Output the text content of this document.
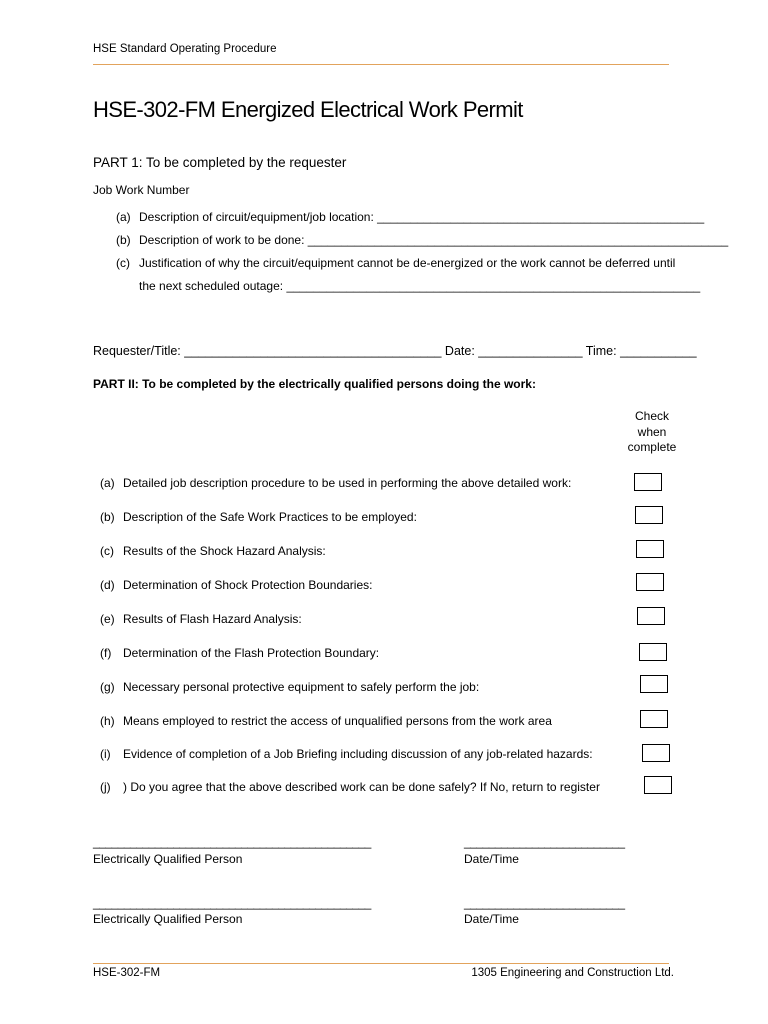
HSE Standard Operating Procedure
HSE-302-FM Energized Electrical Work Permit
PART 1: To be completed by the requester
Job Work Number
(a) Description of circuit/equipment/job location: _________________________________________________
(b) Description of work to be done: _______________________________________________________________
(c) Justification of why the circuit/equipment cannot be de-energized or the work cannot be deferred until
the next scheduled outage: ______________________________________________________________
Requester/Title: _____________________________________ Date: _______________ Time: ___________
PART II: To be completed by the electrically qualified persons doing the work:
Check
when
complete
(a) Detailed job description procedure to be used in performing the above detailed work:
(b) Description of the Safe Work Practices to be employed:
(c) Results of the Shock Hazard Analysis:
(d) Determination of Shock Protection Boundaries:
(e) Results of Flash Hazard Analysis:
(f) Determination of the Flash Protection Boundary:
(g) Necessary personal protective equipment to safely perform the job:
(h) Means employed to restrict the access of unqualified persons from the work area
(i) Evidence of completion of a Job Briefing including discussion of any job-related hazards:
(j) ) Do you agree that the above described work can be done safely? If No, return to register
_____________________________________________	__________________________
Electrically Qualified Person	Date/Time
_____________________________________________	__________________________
Electrically Qualified Person	Date/Time
HSE-302-FM	1305 Engineering and Construction Ltd.
